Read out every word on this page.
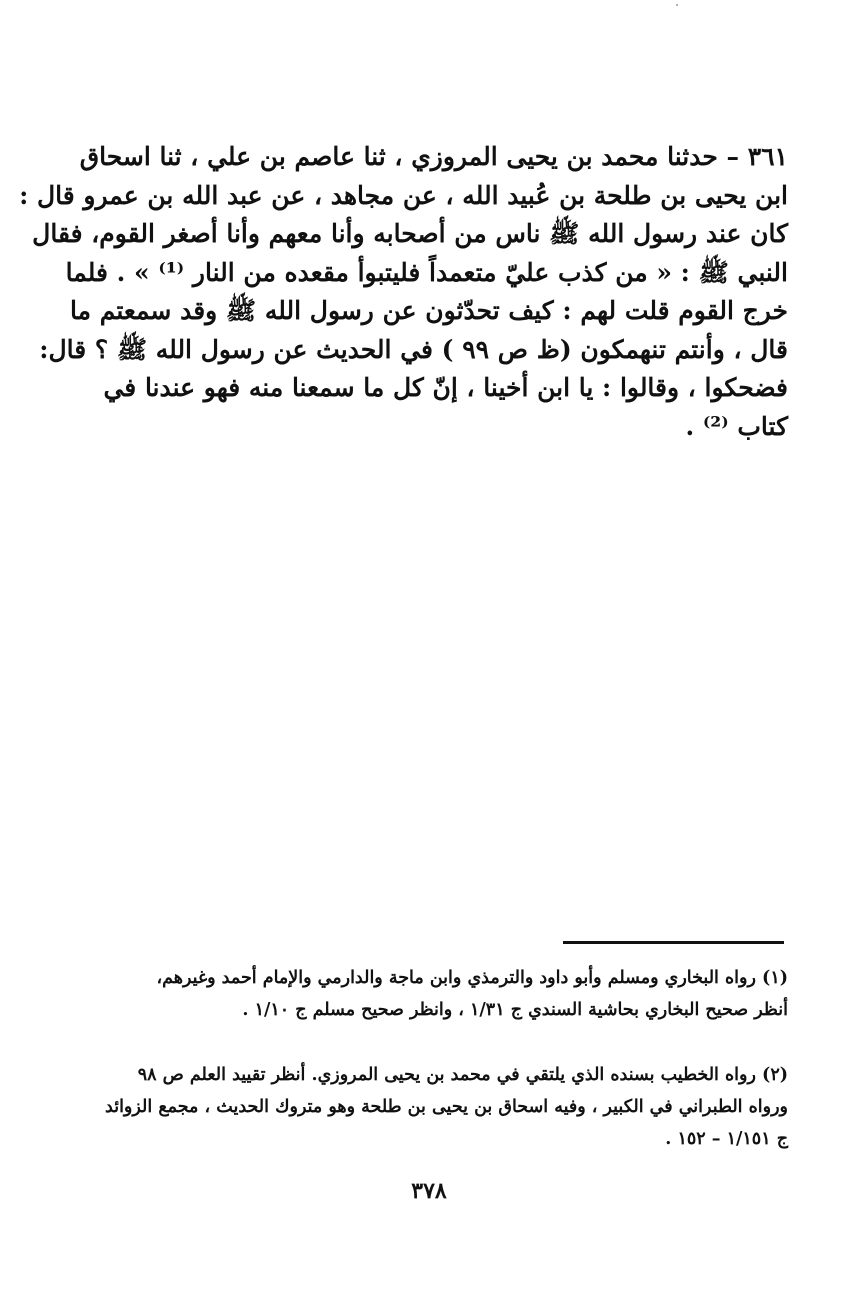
٣٦١ – حدثنا محمد بن يحيى المروزي ، ثنا عاصم بن علي ، ثنا اسحاق
ابن يحيى بن طلحة بن عُبيد الله ، عن مجاهد ، عن عبد الله بن عمرو قال :
كان عند رسول الله ﷺ ناس من أصحابه وأنا معهم وأنا أصغر القوم، فقال
النبي ﷺ : « من كذب عليّ متعمداً فليتبوأ مقعده من النار ⁽¹⁾ » . فلما
خرج القوم قلت لهم : كيف تحدّثون عن رسول الله ﷺ وقد سمعتم ما
قال ، وأنتم تنهمكون (ظ ص ٩٩ ) في الحديث عن رسول الله ﷺ ؟ قال:
فضحكوا ، وقالوا : يا ابن أخينا ، إنّ كل ما سمعنا منه فهو عندنا في
كتاب ⁽²⁾ .
(١) رواه البخاري ومسلم وأبو داود والترمذي وابن ماجة والدارمي والإمام أحمد وغيرهم،
أنظر صحيح البخاري بحاشية السندي ج ١/٣١ ، وانظر صحيح مسلم ج ١/١٠ .
(٢) رواه الخطيب بسنده الذي يلتقي في محمد بن يحيى المروزي. أنظر تقييد العلم ص ٩٨
ورواه الطبراني في الكبير ، وفيه اسحاق بن يحيى بن طلحة وهو متروك الحديث ، مجمع الزوائد
ج ١/١٥١ – ١٥٢ .
٣٧٨
